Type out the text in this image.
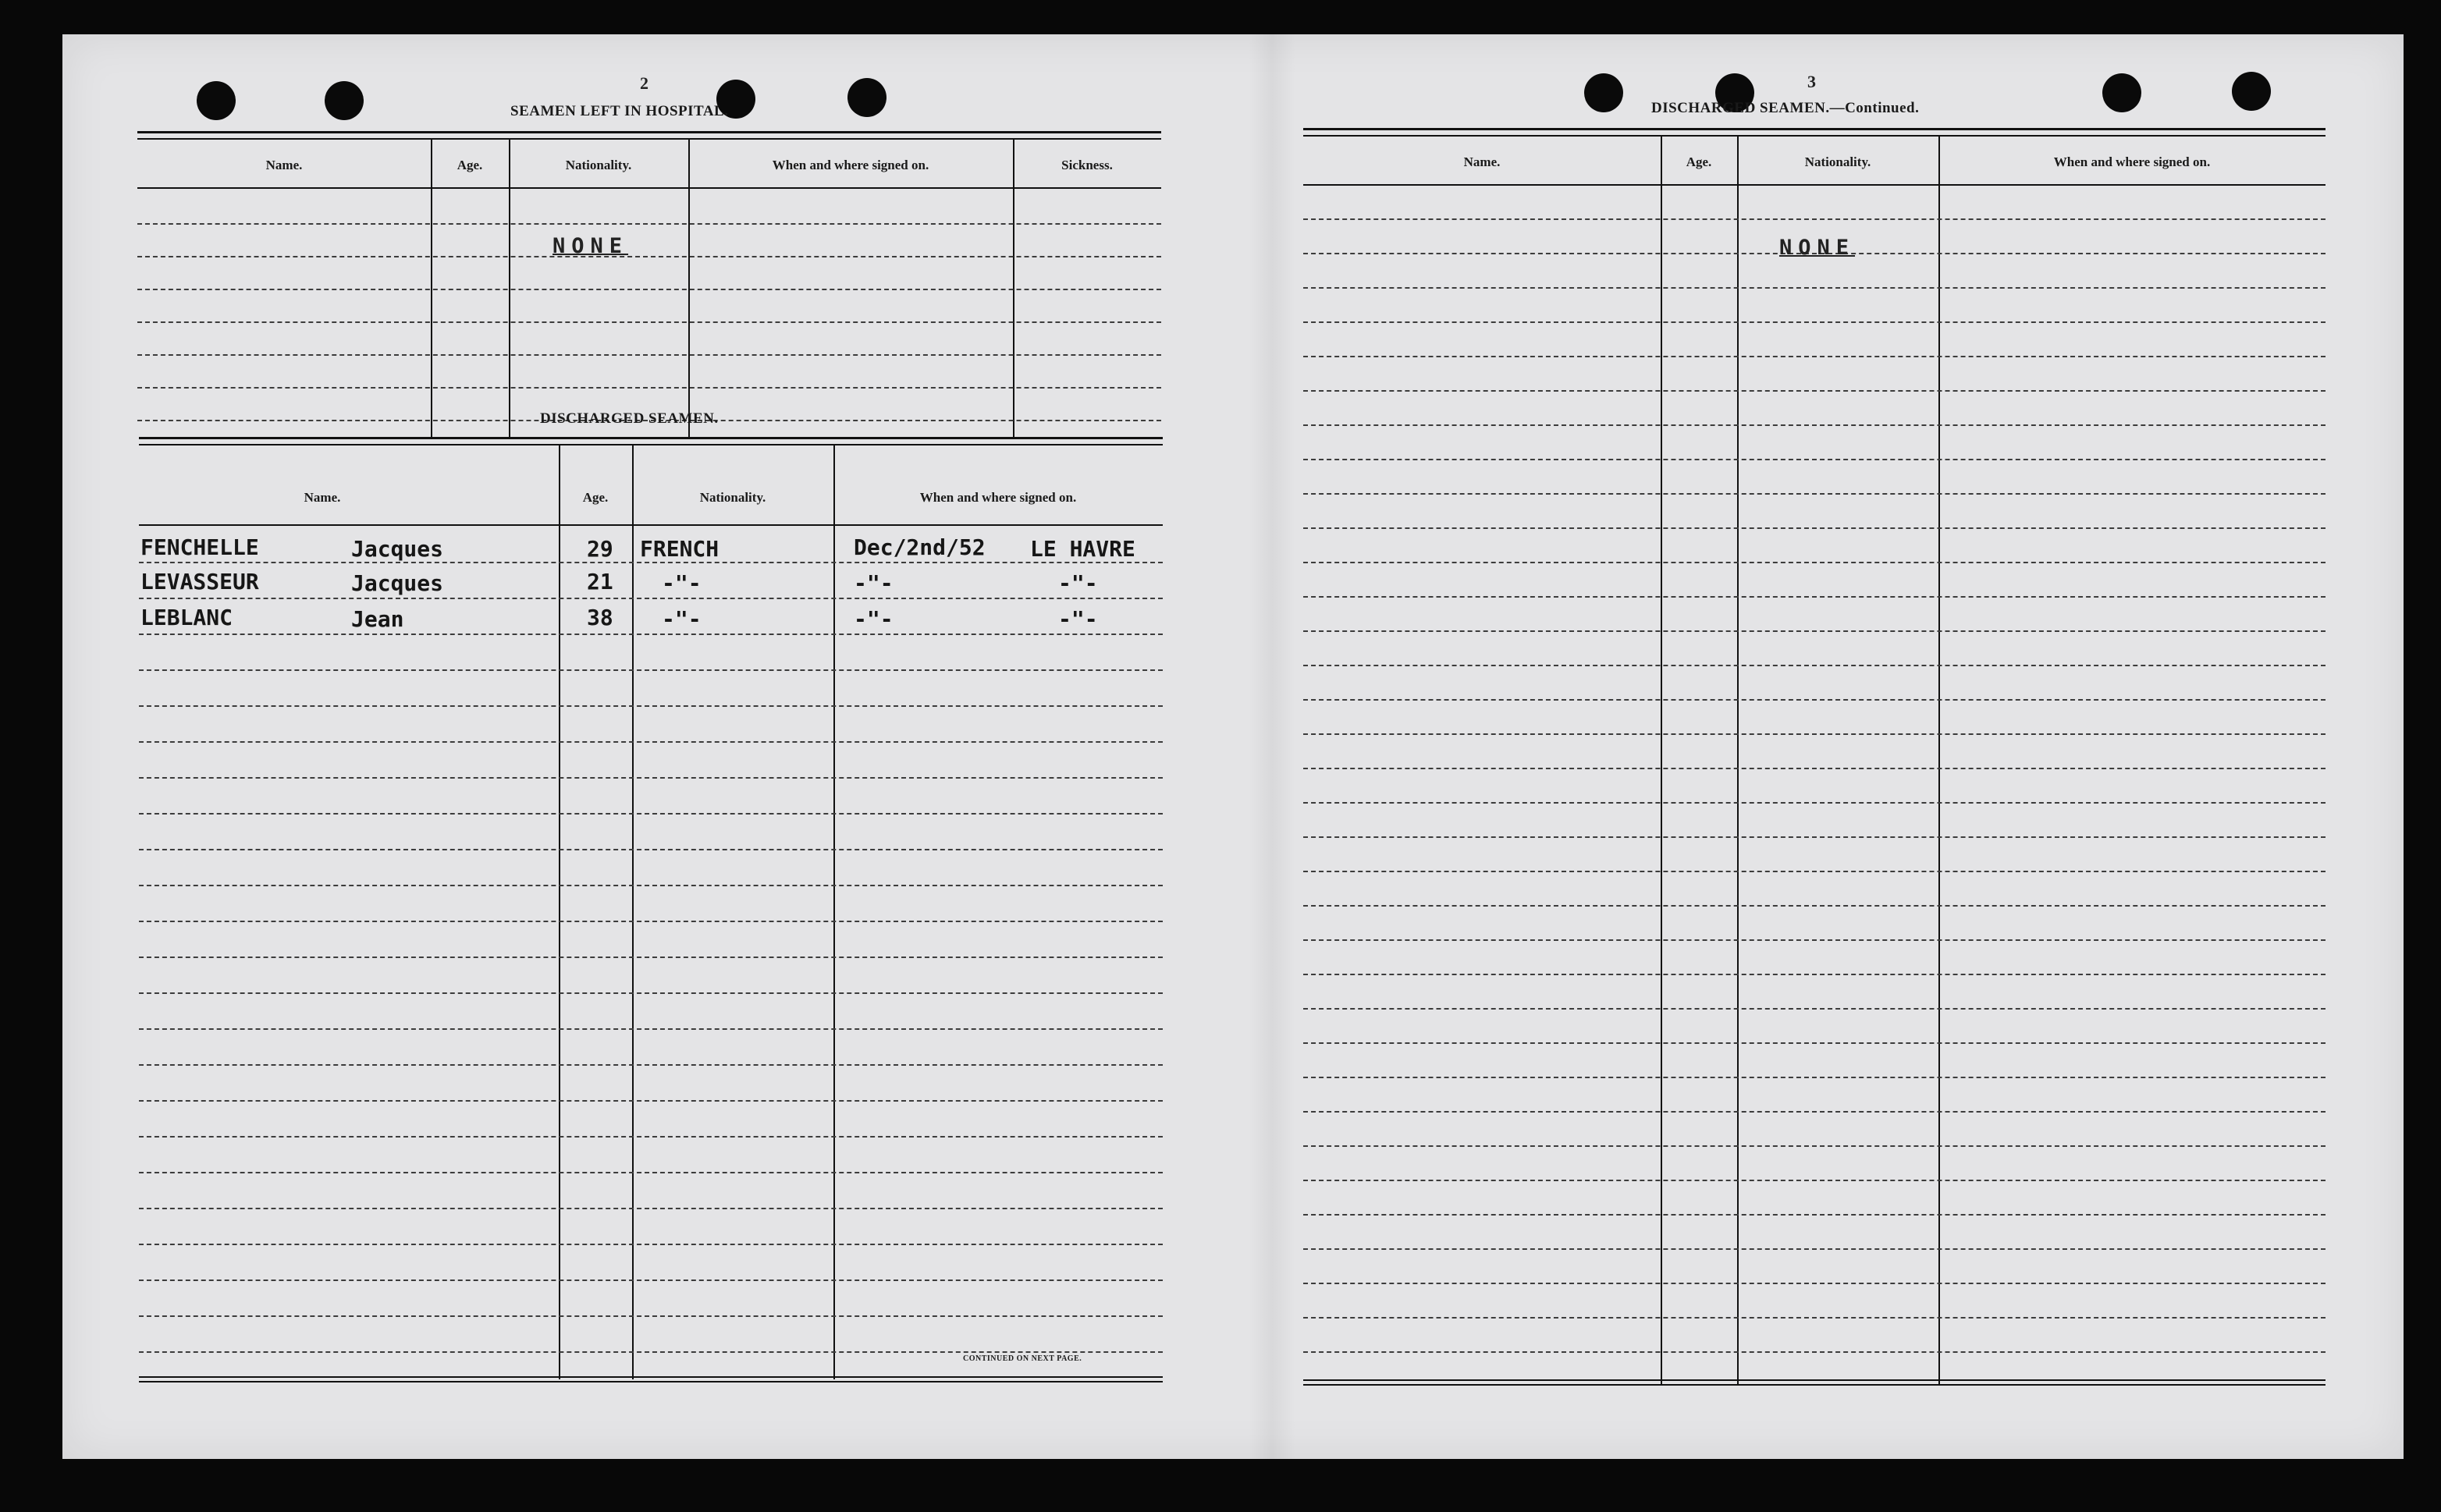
2
SEAMEN LEFT IN HOSPITAL.
Name.	Age.	Nationality.	When and where signed on.	Sickness.
NONE
DISCHARGED SEAMEN.
Name.	Age.	Nationality.	When and where signed on.
FENCHELLE	Jacques	29 FRENCH	Dec/2nd/52 LE HAVRE
LEVASSEUR	Jacques	21 -"-	-"-	-"-
LEBLANC	Jean	38 -"-	-"-	-"-
CONTINUED ON NEXT PAGE.
3
DISCHARGED SEAMEN.—Continued.
Name.	Age.	Nationality.	When and where signed on.
NONE
